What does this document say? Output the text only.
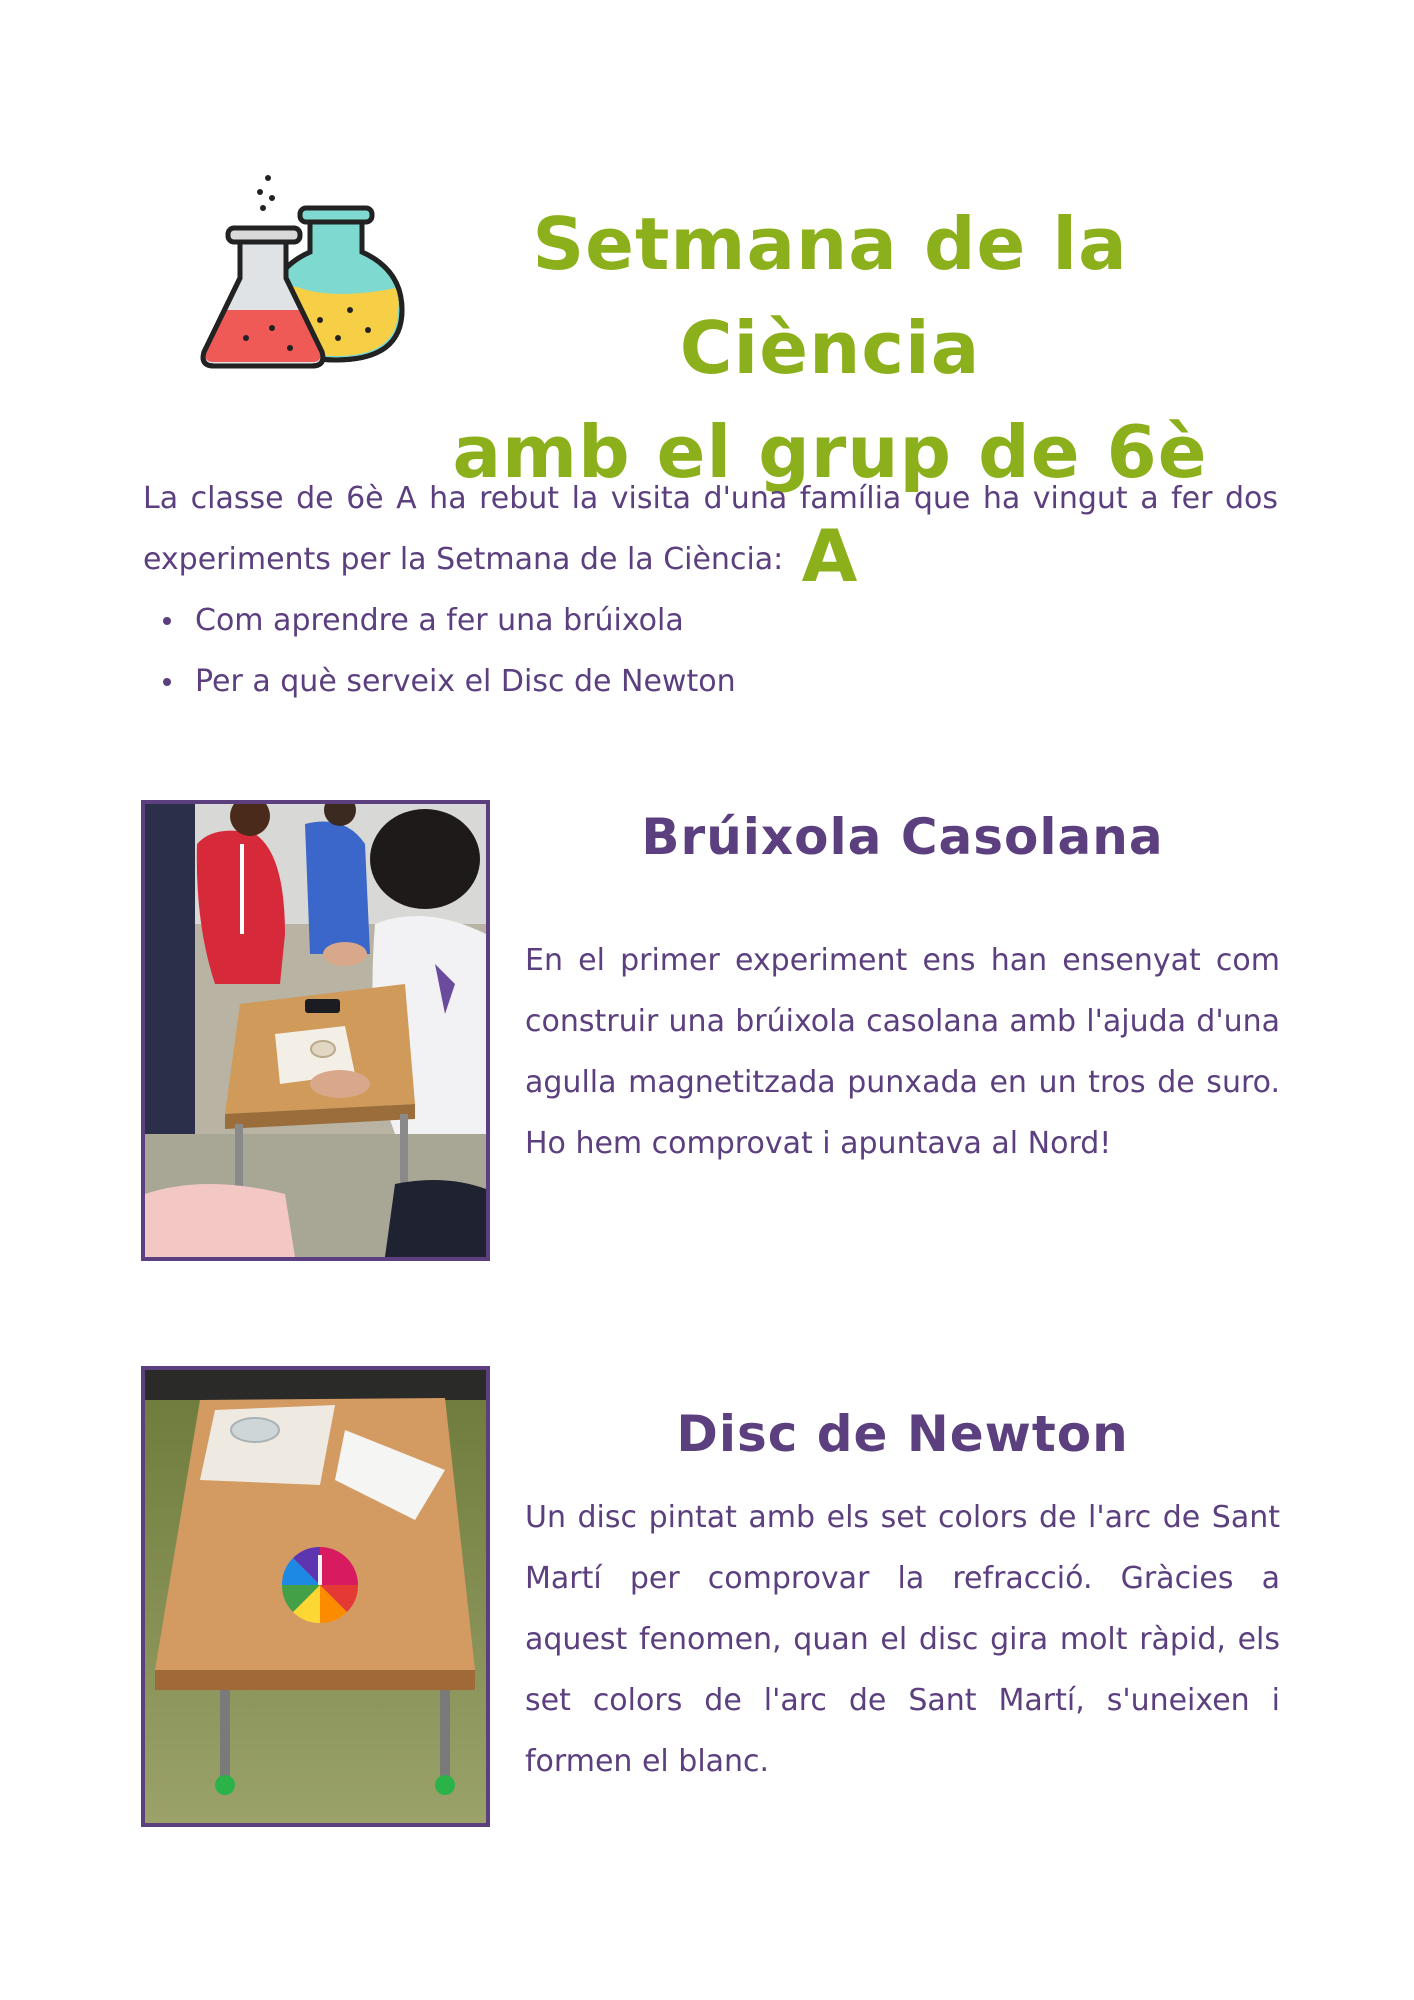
Setmana de la Ciència
amb el grup de 6è A
La classe de 6è A ha rebut la visita d'una família que ha vingut a fer dos experiments per la Setmana de la Ciència:
Com aprendre a fer una brúixola
Per a què serveix el Disc de Newton
Brúixola Casolana
En el primer experiment ens han ensenyat com construir una brúixola casolana amb l'ajuda d'una agulla magnetitzada punxada en un tros de suro. Ho hem comprovat i apuntava al Nord!
Disc de Newton
Un disc pintat amb els set colors de l'arc de Sant Martí per comprovar la refracció. Gràcies a aquest fenomen, quan el disc gira molt ràpid, els set colors de l'arc de Sant Martí, s'uneixen i formen el blanc.
